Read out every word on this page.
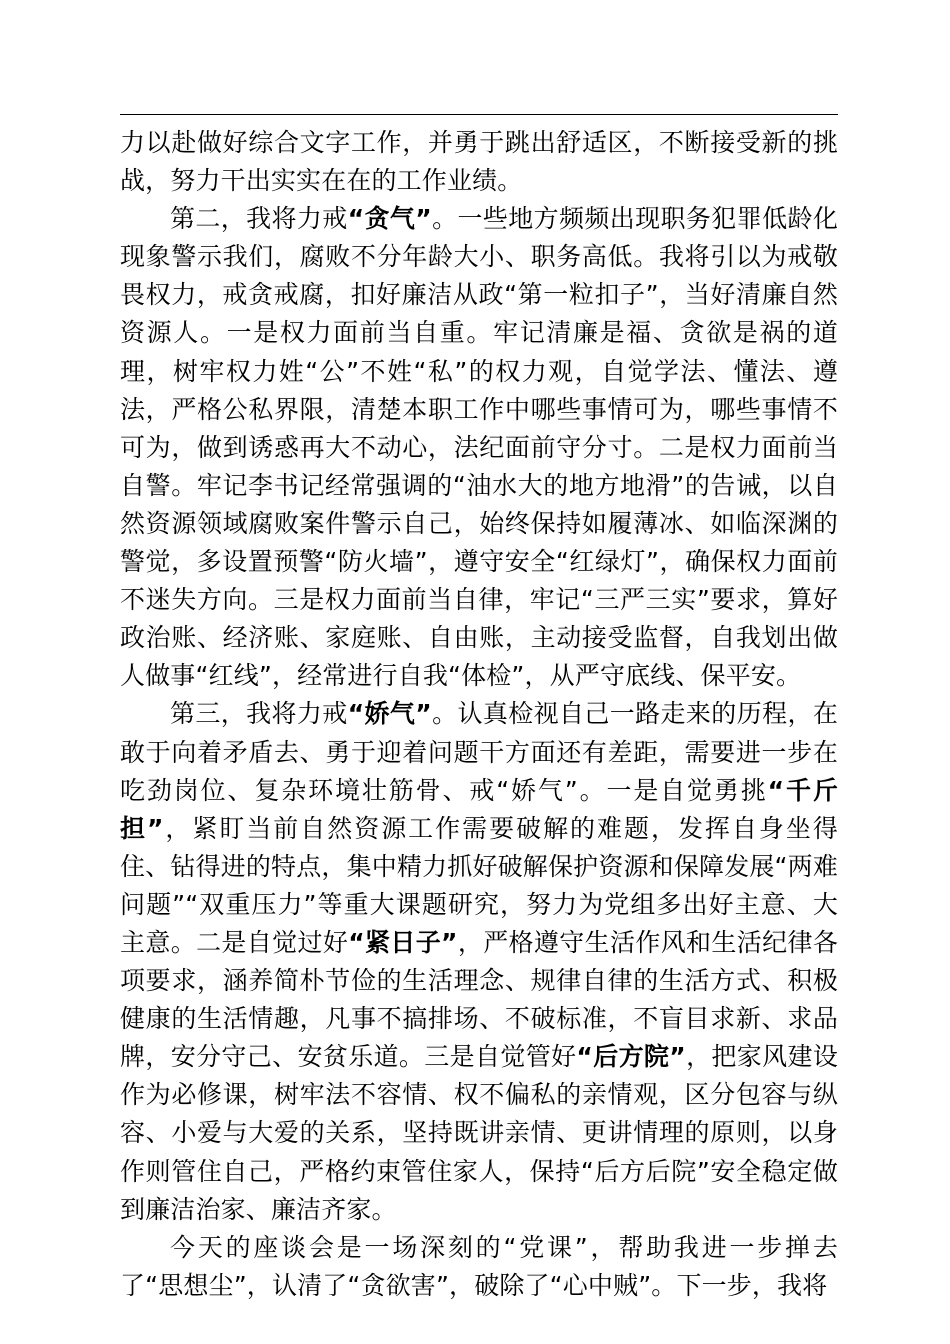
力以赴做好综合文字工作，并勇于跳出舒适区，不断接受新的挑战，努力干出实实在在的工作业绩。

第二，我将力戒“贪气”。一些地方频频出现职务犯罪低龄化现象警示我们，腐败不分年龄大小、职务高低。我将引以为戒敬畏权力，戒贪戒腐，扣好廉洁从政“第一粒扣子”，当好清廉自然资源人。一是权力面前当自重。牢记清廉是福、贪欲是祸的道理，树牢权力姓“公”不姓“私”的权力观，自觉学法、懂法、遵法，严格公私界限，清楚本职工作中哪些事情可为，哪些事情不可为，做到诱惑再大不动心，法纪面前守分寸。二是权力面前当自警。牢记李书记经常强调的“油水大的地方地滑”的告诫，以自然资源领域腐败案件警示自己，始终保持如履薄冰、如临深渊的警觉，多设置预警“防火墙”，遵守安全“红绿灯”，确保权力面前不迷失方向。三是权力面前当自律，牢记“三严三实”要求，算好政治账、经济账、家庭账、自由账，主动接受监督，自我划出做人做事“红线”，经常进行自我“体检”，从严守底线、保平安。

第三，我将力戒“娇气”。认真检视自己一路走来的历程，在敢于向着矛盾去、勇于迎着问题干方面还有差距，需要进一步在吃劲岗位、复杂环境壮筋骨、戒“娇气”。一是自觉勇挑“千斤担”，紧盯当前自然资源工作需要破解的难题，发挥自身坐得住、钻得进的特点，集中精力抓好破解保护资源和保障发展“两难问题”“双重压力”等重大课题研究，努力为党组多出好主意、大主意。二是自觉过好“紧日子”，严格遵守生活作风和生活纪律各项要求，涵养简朴节俭的生活理念、规律自律的生活方式、积极健康的生活情趣，凡事不搞排场、不破标准，不盲目求新、求品牌，安分守己、安贫乐道。三是自觉管好“后方院”，把家风建设作为必修课，树牢法不容情、权不偏私的亲情观，区分包容与纵容、小爱与大爱的关系，坚持既讲亲情、更讲情理的原则，以身作则管住自己，严格约束管住家人，保持“后方后院”安全稳定做到廉洁治家、廉洁齐家。

今天的座谈会是一场深刻的“党课”，帮助我进一步掸去了“思想尘”，认清了“贪欲害”，破除了“心中贼”。下一步，我将
